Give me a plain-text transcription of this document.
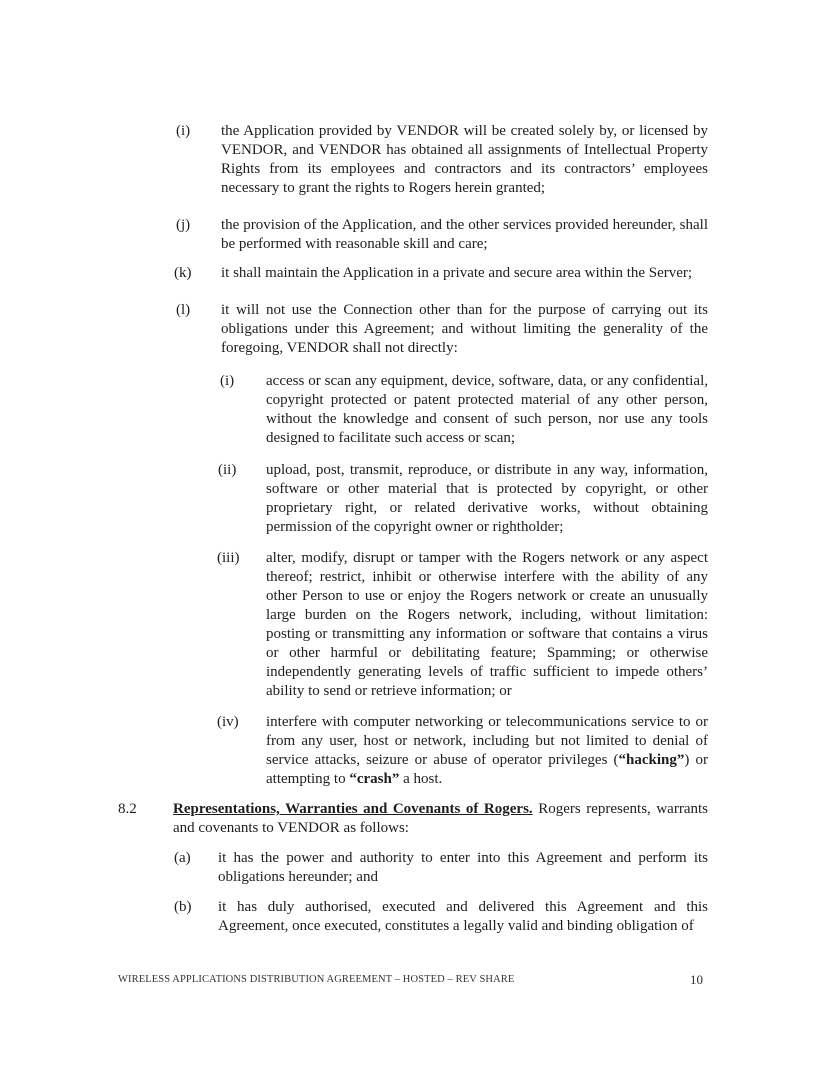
(i) the Application provided by VENDOR will be created solely by, or licensed by VENDOR, and VENDOR has obtained all assignments of Intellectual Property Rights from its employees and contractors and its contractors’ employees necessary to grant the rights to Rogers herein granted;
(j) the provision of the Application, and the other services provided hereunder, shall be performed with reasonable skill and care;
(k) it shall maintain the Application in a private and secure area within the Server;
(l) it will not use the Connection other than for the purpose of carrying out its obligations under this Agreement; and without limiting the generality of the foregoing, VENDOR shall not directly:
(i) access or scan any equipment, device, software, data, or any confidential, copyright protected or patent protected material of any other person, without the knowledge and consent of such person, nor use any tools designed to facilitate such access or scan;
(ii) upload, post, transmit, reproduce, or distribute in any way, information, software or other material that is protected by copyright, or other proprietary right, or related derivative works, without obtaining permission of the copyright owner or rightholder;
(iii) alter, modify, disrupt or tamper with the Rogers network or any aspect thereof; restrict, inhibit or otherwise interfere with the ability of any other Person to use or enjoy the Rogers network or create an unusually large burden on the Rogers network, including, without limitation: posting or transmitting any information or software that contains a virus or other harmful or debilitating feature; Spamming; or otherwise independently generating levels of traffic sufficient to impede others’ ability to send or retrieve information; or
(iv) interfere with computer networking or telecommunications service to or from any user, host or network, including but not limited to denial of service attacks, seizure or abuse of operator privileges (“hacking”) or attempting to “crash” a host.
8.2 Representations, Warranties and Covenants of Rogers. Rogers represents, warrants and covenants to VENDOR as follows:
(a) it has the power and authority to enter into this Agreement and perform its obligations hereunder; and
(b) it has duly authorised, executed and delivered this Agreement and this Agreement, once executed, constitutes a legally valid and binding obligation of
WIRELESS APPLICATIONS DISTRIBUTION AGREEMENT – HOSTED – REV SHARE	10
